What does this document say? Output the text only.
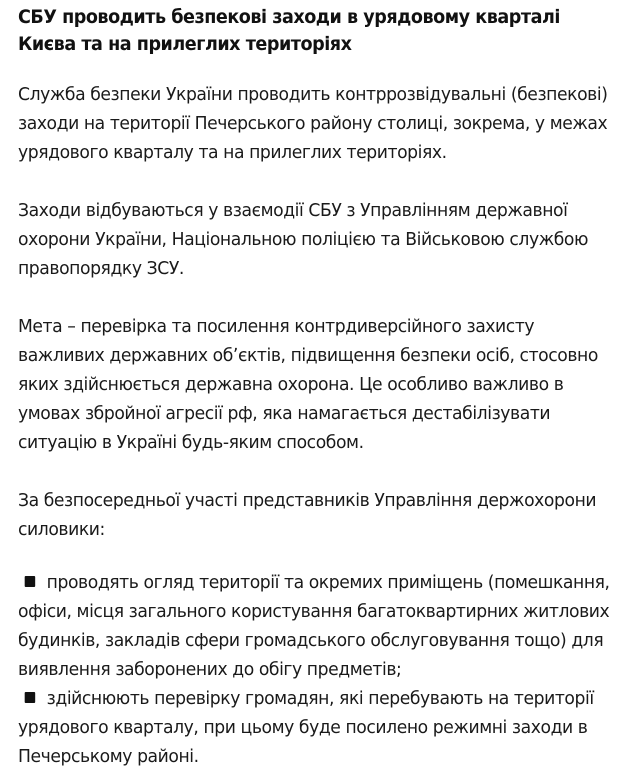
СБУ проводить безпекові заходи в урядовому кварталі Києва та на прилеглих територіях

Служба безпеки України проводить контррозвідувальні (безпекові) заходи на території Печерського району столиці, зокрема, у межах урядового кварталу та на прилеглих територіях.

Заходи відбуваються у взаємодії СБУ з Управлінням державної охорони України, Національною поліцією та Військовою службою правопорядку ЗСУ.

Мета – перевірка та посилення контрдиверсійного захисту важливих державних обʼєктів, підвищення безпеки осіб, стосовно яких здійснюється державна охорона. Це особливо важливо в умовах збройної агресії рф, яка намагається дестабілізувати ситуацію в Україні будь-яким способом.

За безпосередньої участі представників Управління держохорони силовики:

проводять огляд території та окремих приміщень (помешкання, офіси, місця загального користування багатоквартирних житлових будинків, закладів сфери громадського обслуговування тощо) для виявлення заборонених до обігу предметів;
здійснюють перевірку громадян, які перебувають на території урядового кварталу, при цьому буде посилено режимні заходи в Печерському районі.
